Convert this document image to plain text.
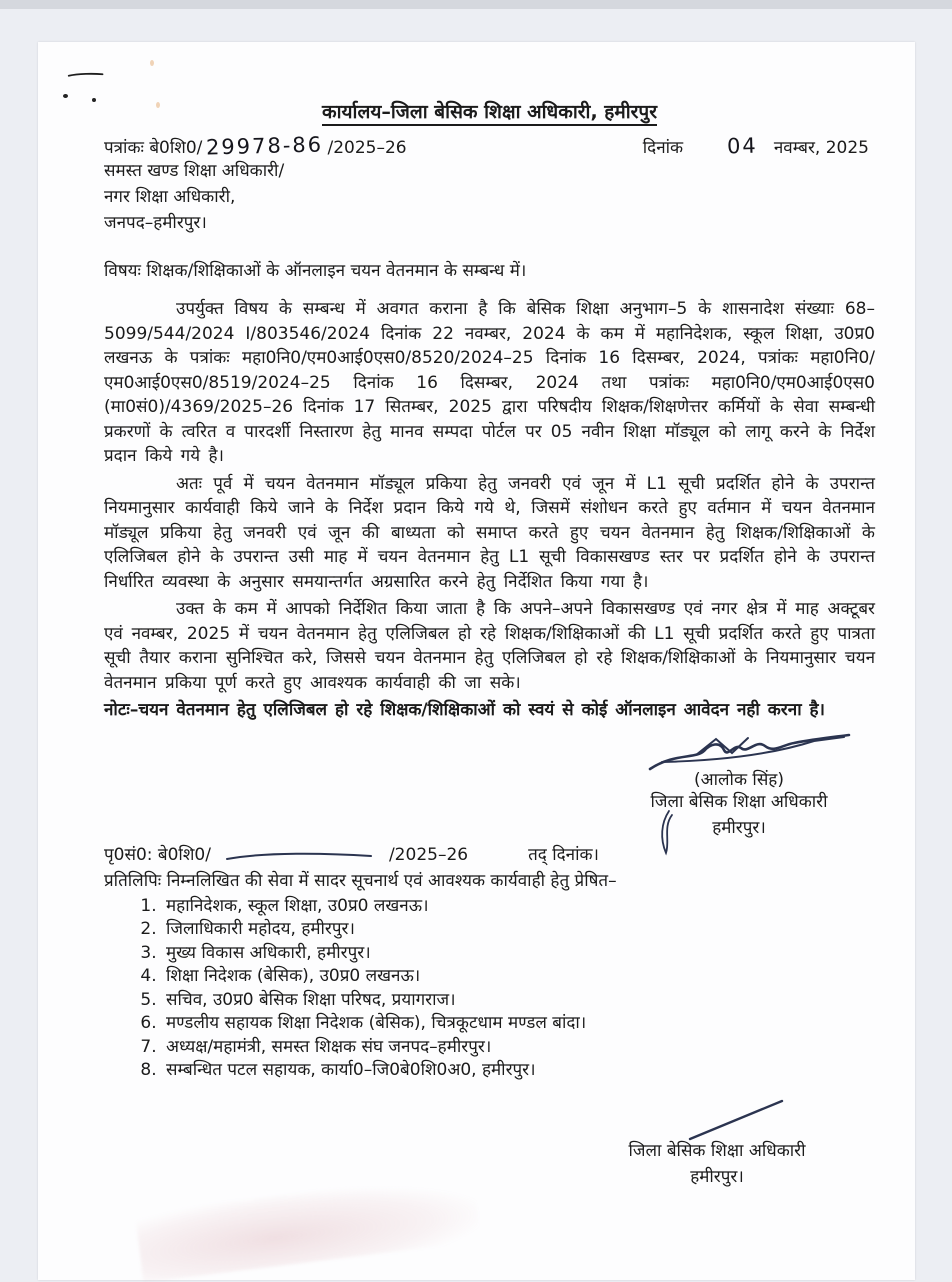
कार्यालय–जिला बेसिक शिक्षा अधिकारी, हमीरपुर
पत्रांकः बे0शि0/ 29978-86 /2025–26	दिनांक 04 नवम्बर, 2025
समस्त खण्ड शिक्षा अधिकारी/
नगर शिक्षा अधिकारी,
जनपद–हमीरपुर।
विषयः शिक्षक/शिक्षिकाओं के ऑनलाइन चयन वेतनमान के सम्बन्ध में।

उपर्युक्त विषय के सम्बन्ध में अवगत कराना है कि बेसिक शिक्षा अनुभाग–5 के शासनादेश संख्याः 68–5099/544/2024 I/803546/2024 दिनांक 22 नवम्बर, 2024 के कम में महानिदेशक, स्कूल शिक्षा, उ0प्र0 लखनऊ के पत्रांकः महा0नि0/एम0आई0एस0/8520/2024–25 दिनांक 16 दिसम्बर, 2024, पत्रांकः महा0नि0/एम0आई0एस0/8519/2024–25 दिनांक 16 दिसम्बर, 2024 तथा पत्रांकः महा0नि0/एम0आई0एस0 (मा0सं0)/4369/2025–26 दिनांक 17 सितम्बर, 2025 द्वारा परिषदीय शिक्षक/शिक्षणेत्तर कर्मियों के सेवा सम्बन्धी प्रकरणों के त्वरित व पारदर्शी निस्तारण हेतु मानव सम्पदा पोर्टल पर 05 नवीन शिक्षा मॉड्यूल को लागू करने के निर्देश प्रदान किये गये है।

अतः पूर्व में चयन वेतनमान मॉड्यूल प्रकिया हेतु जनवरी एवं जून में L1 सूची प्रदर्शित होने के उपरान्त नियमानुसार कार्यवाही किये जाने के निर्देश प्रदान किये गये थे, जिसमें संशोधन करते हुए वर्तमान में चयन वेतनमान मॉड्यूल प्रकिया हेतु जनवरी एवं जून की बाध्यता को समाप्त करते हुए चयन वेतनमान हेतु शिक्षक/शिक्षिकाओं के एलिजिबल होने के उपरान्त उसी माह में चयन वेतनमान हेतु L1 सूची विकासखण्ड स्तर पर प्रदर्शित होने के उपरान्त निर्धारित व्यवस्था के अनुसार समयान्तर्गत अग्रसारित करने हेतु निर्देशित किया गया है।

उक्त के कम में आपको निर्देशित किया जाता है कि अपने–अपने विकासखण्ड एवं नगर क्षेत्र में माह अक्टूबर एवं नवम्बर, 2025 में चयन वेतनमान हेतु एलिजिबल हो रहे शिक्षक/शिक्षिकाओं की L1 सूची प्रदर्शित करते हुए पात्रता सूची तैयार कराना सुनिश्चित करे, जिससे चयन वेतनमान हेतु एलिजिबल हो रहे शिक्षक/शिक्षिकाओं के नियमानुसार चयन वेतनमान प्रकिया पूर्ण करते हुए आवश्यक कार्यवाही की जा सके।

नोटः–चयन वेतनमान हेतु एलिजिबल हो रहे शिक्षक/शिक्षिकाओं को स्वयं से कोई ऑनलाइन आवेदन नही करना है।

(आलोक सिंह)
जिला बेसिक शिक्षा अधिकारी
हमीरपुर।
पृ0सं0: बे0शि0/	/2025–26	तद् दिनांक।
प्रतिलिपिः निम्नलिखित की सेवा में सादर सूचनार्थ एवं आवश्यक कार्यवाही हेतु प्रेषित–
1. महानिदेशक, स्कूल शिक्षा, उ0प्र0 लखनऊ।
2. जिलाधिकारी महोदय, हमीरपुर।
3. मुख्य विकास अधिकारी, हमीरपुर।
4. शिक्षा निदेशक (बेसिक), उ0प्र0 लखनऊ।
5. सचिव, उ0प्र0 बेसिक शिक्षा परिषद, प्रयागराज।
6. मण्डलीय सहायक शिक्षा निदेशक (बेसिक), चित्रकूटधाम मण्डल बांदा।
7. अध्यक्ष/महामंत्री, समस्त शिक्षक संघ जनपद–हमीरपुर।
8. सम्बन्धित पटल सहायक, कार्या0–जि0बे0शि0अ0, हमीरपुर।
जिला बेसिक शिक्षा अधिकारी
हमीरपुर।
